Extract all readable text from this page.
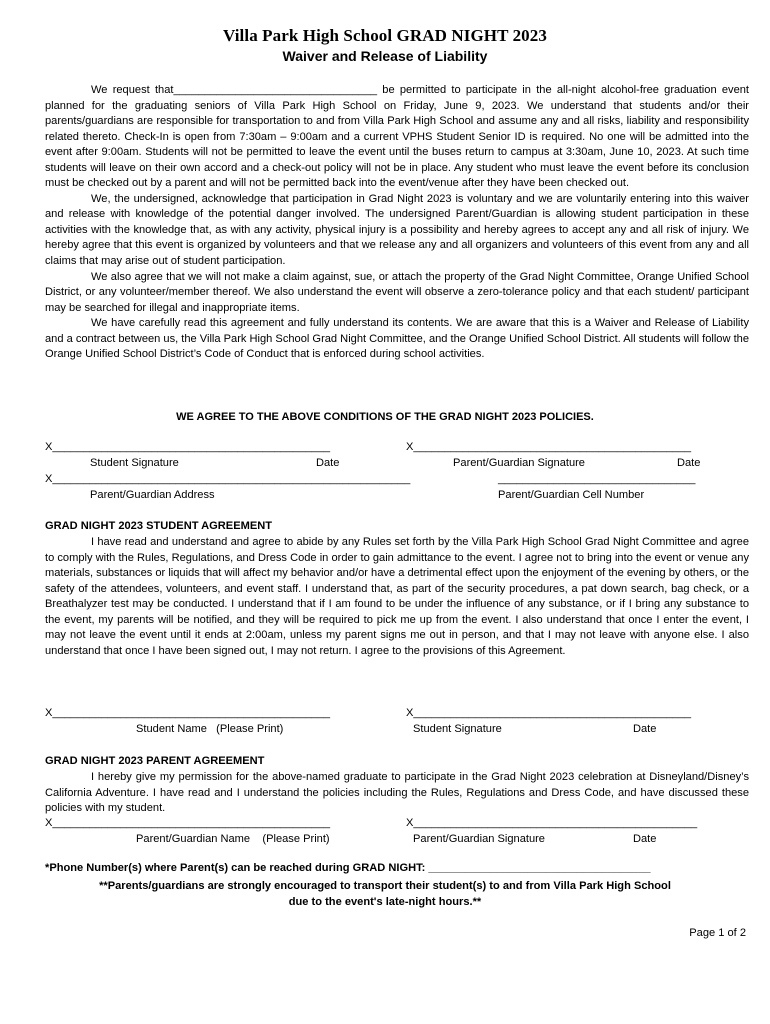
Villa Park High School GRAD NIGHT 2023
Waiver and Release of Liability

We request that_________________________________ be permitted to participate in the all-night alcohol-free graduation event planned for the graduating seniors of Villa Park High School on Friday, June 9, 2023. We understand that students and/or their parents/guardians are responsible for transportation to and from Villa Park High School and assume any and all risks, liability and responsibility related thereto. Check-In is open from 7:30am – 9:00am and a current VPHS Student Senior ID is required. No one will be admitted into the event after 9:00am. Students will not be permitted to leave the event until the buses return to campus at 3:30am, June 10, 2023. At such time students will leave on their own accord and a check-out policy will not be in place. Any student who must leave the event before its conclusion must be checked out by a parent and will not be permitted back into the event/venue after they have been checked out.

We, the undersigned, acknowledge that participation in Grad Night 2023 is voluntary and we are voluntarily entering into this waiver and release with knowledge of the potential danger involved. The undersigned Parent/Guardian is allowing student participation in these activities with the knowledge that, as with any activity, physical injury is a possibility and hereby agrees to accept any and all risk of injury. We hereby agree that this event is organized by volunteers and that we release any and all organizers and volunteers of this event from any and all claims that may arise out of student participation.

We also agree that we will not make a claim against, sue, or attach the property of the Grad Night Committee, Orange Unified School District, or any volunteer/member thereof. We also understand the event will observe a zero-tolerance policy and that each student/ participant may be searched for illegal and inappropriate items.

We have carefully read this agreement and fully understand its contents. We are aware that this is a Waiver and Release of Liability and a contract between us, the Villa Park High School Grad Night Committee, and the Orange Unified School District. All students will follow the Orange Unified School District’s Code of Conduct that is enforced during school activities.

WE AGREE TO THE ABOVE CONDITIONS OF THE GRAD NIGHT 2023 POLICIES.
X_____________________________________________	X_____________________________________________
Student Signature	Date	Parent/Guardian Signature	Date
X__________________________________________________________	________________________________
Parent/Guardian Address	Parent/Guardian Cell Number
GRAD NIGHT 2023 STUDENT AGREEMENT

I have read and understand and agree to abide by any Rules set forth by the Villa Park High School Grad Night Committee and agree to comply with the Rules, Regulations, and Dress Code in order to gain admittance to the event. I agree not to bring into the event or venue any materials, substances or liquids that will affect my behavior and/or have a detrimental effect upon the enjoyment of the evening by others, or the safety of the attendees, volunteers, and event staff. I understand that, as part of the security procedures, a pat down search, bag check, or a Breathalyzer test may be conducted. I understand that if I am found to be under the influence of any substance, or if I bring any substance to the event, my parents will be notified, and they will be required to pick me up from the event. I also understand that once I enter the event, I may not leave the event until it ends at 2:00am, unless my parent signs me out in person, and that I may not leave with anyone else. I also understand that once I have been signed out, I may not return. I agree to the provisions of this Agreement.

X_____________________________________________	X_____________________________________________
Student Name   (Please Print)	Student Signature	Date
GRAD NIGHT 2023 PARENT AGREEMENT

I hereby give my permission for the above-named graduate to participate in the Grad Night 2023 celebration at Disneyland/Disney’s California Adventure. I have read and I understand the policies including the Rules, Regulations and Dress Code, and have discussed these policies with my student.

X_____________________________________________	X______________________________________________
Parent/Guardian Name    (Please Print)	Parent/Guardian Signature	Date
*Phone Number(s) where Parent(s) can be reached during GRAD NIGHT: ____________________________________
**Parents/guardians are strongly encouraged to transport their student(s) to and from Villa Park High School
due to the event's late-night hours.**
Page 1 of 2
